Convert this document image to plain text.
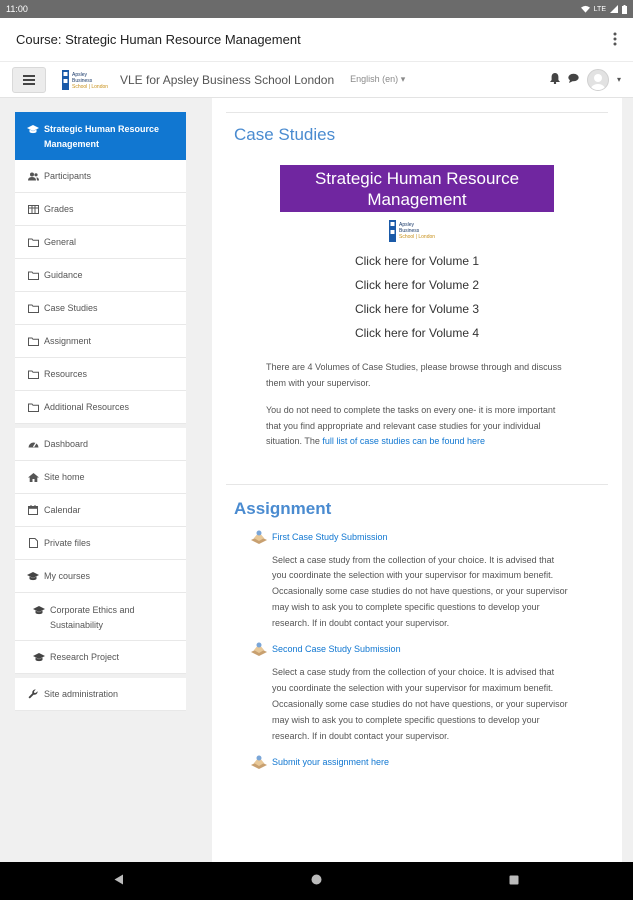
11:00	LTE
Course: Strategic Human Resource Management
Apsley
Business
School | London VLE for Apsley Business School London English (en) ▾	▾
Strategic Human Resource Management
Participants
Grades
General
Guidance
Case Studies
Assignment
Resources
Additional Resources
Dashboard
Site home
Calendar
Private files
My courses
Corporate Ethics and Sustainability
Research Project
Site administration
Case Studies
Strategic Human Resource Management
Apsley
Business
School | London
Click here for Volume 1
Click here for Volume 2
Click here for Volume 3
Click here for Volume 4

There are 4 Volumes of Case Studies, please browse through and discuss them with your supervisor.

You do not need to complete the tasks on every one- it is more important that you find appropriate and relevant case studies for your individual situation. The full list of case studies can be found here

Assignment
First Case Study Submission

Select a case study from the collection of your choice. It is advised that you coordinate the selection with your supervisor for maximum benefit. Occasionally some case studies do not have questions, or your supervisor may wish to ask you to complete specific questions to develop your research. If in doubt contact your supervisor.

Second Case Study Submission

Select a case study from the collection of your choice. It is advised that you coordinate the selection with your supervisor for maximum benefit. Occasionally some case studies do not have questions, or your supervisor may wish to ask you to complete specific questions to develop your research. If in doubt contact your supervisor.

Submit your assignment here
